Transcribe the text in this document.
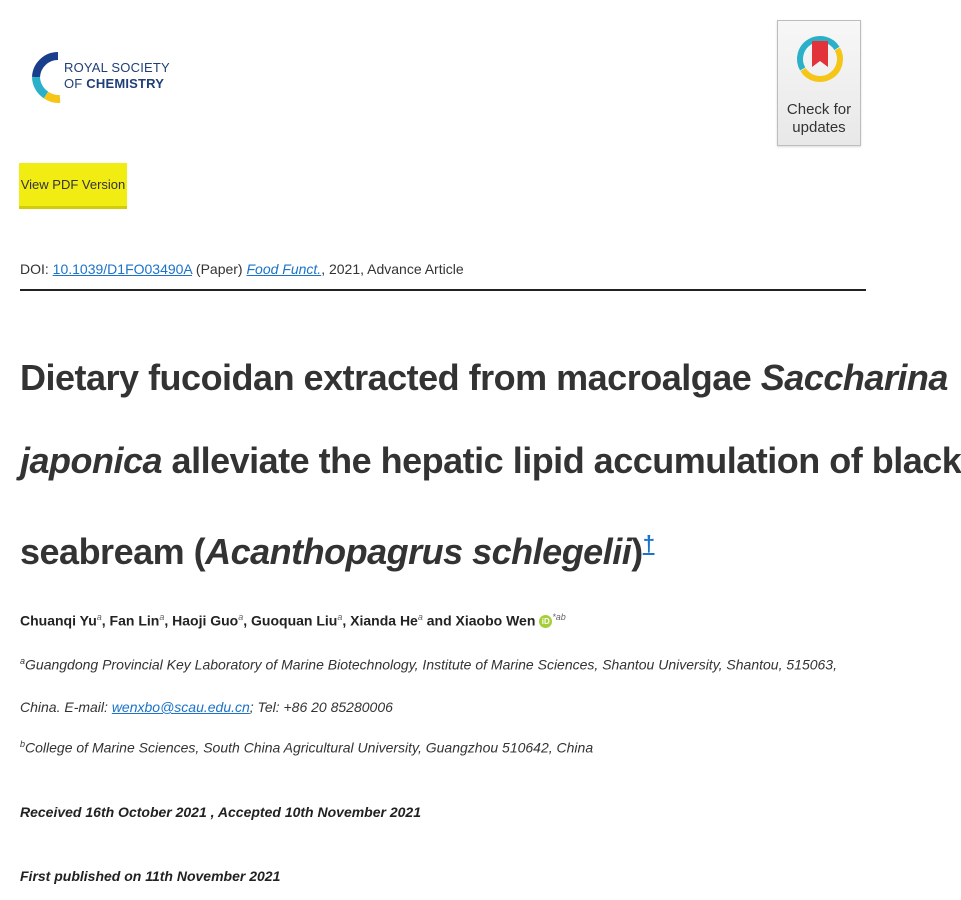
ROYAL SOCIETY
OF CHEMISTRY
Check for
updates
View PDF Version
DOI: 10.1039/D1FO03490A (Paper) Food Funct., 2021, Advance Article
Dietary fucoidan extracted from macroalgae Saccharina
japonica alleviate the hepatic lipid accumulation of black
seabream (Acanthopagrus schlegelii)†
Chuanqi Yu$^a$, Fan Lin$^a$, Haoji Guo$^a$, Guoquan Liu$^a$, Xianda He$^a$ and Xiaobo Wen iD $^{*ab}$
$^a$Guangdong Provincial Key Laboratory of Marine Biotechnology, Institute of Marine Sciences, Shantou University, Shantou, 515063,
China. E-mail: wenxbo@scau.edu.cn; Tel: +86 20 85280006
$^b$College of Marine Sciences, South China Agricultural University, Guangzhou 510642, China
Received 16th October 2021 , Accepted 10th November 2021
First published on 11th November 2021
